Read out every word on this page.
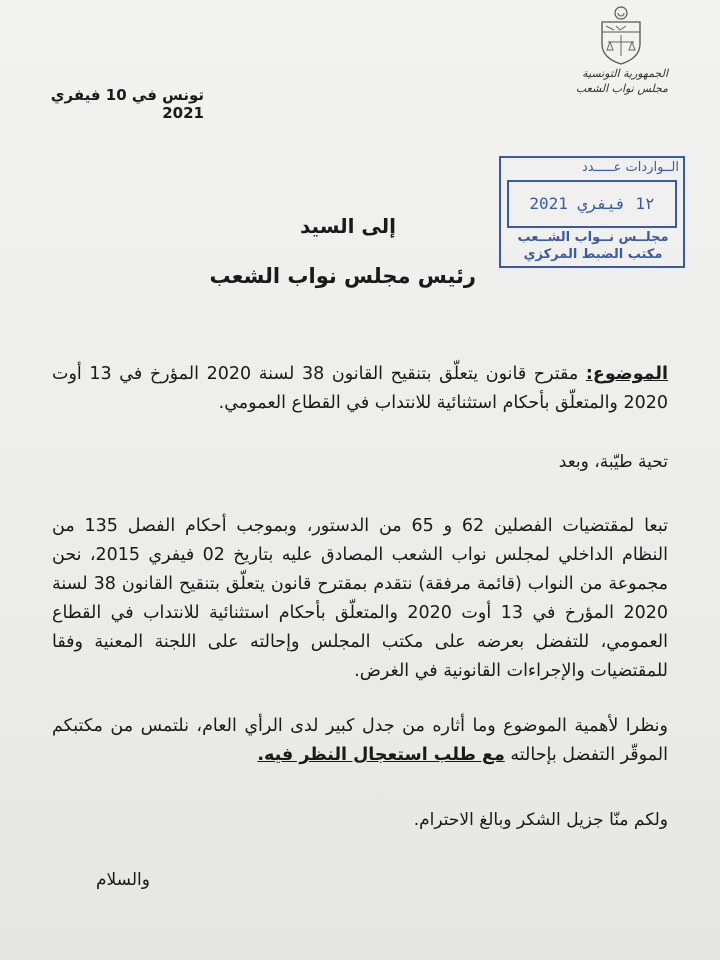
الجمهورية التونسية
مجلس نواب الشعب
تونس في 10 فيفري 2021
الــواردات عـــــدد
1٢ فيفري 2021
مجلــس نــواب الشــعب
مكتب الضبط المركزي
إلى السيد
رئيس مجلس نواب الشعب
الموضوع: مقترح قانون يتعلّق بتنقيح القانون 38 لسنة 2020 المؤرخ في 13 أوت 2020 والمتعلّق بأحكام استثنائية للانتداب في القطاع العمومي.
تحية طيّبة، وبعد
تبعا لمقتضيات الفصلين 62 و 65 من الدستور، وبموجب أحكام الفصل 135 من النظام الداخلي لمجلس نواب الشعب المصادق عليه بتاريخ 02 فيفري 2015، نحن مجموعة من النواب (قائمة مرفقة) نتقدم بمقترح قانون يتعلّق بتنقيح القانون 38 لسنة 2020 المؤرخ في 13 أوت 2020 والمتعلّق بأحكام استثنائية للانتداب في القطاع العمومي، للتفضل بعرضه على مكتب المجلس وإحالته على اللجنة المعنية وفقا للمقتضيات والإجراءات القانونية في الغرض.
ونظرا لأهمية الموضوع وما أثاره من جدل كبير لدى الرأي العام، نلتمس من مكتبكم الموقّر التفضل بإحالته مع طلب استعجال النظر فيه.
ولكم منّا جزيل الشكر وبالغ الاحترام.
والسلام
